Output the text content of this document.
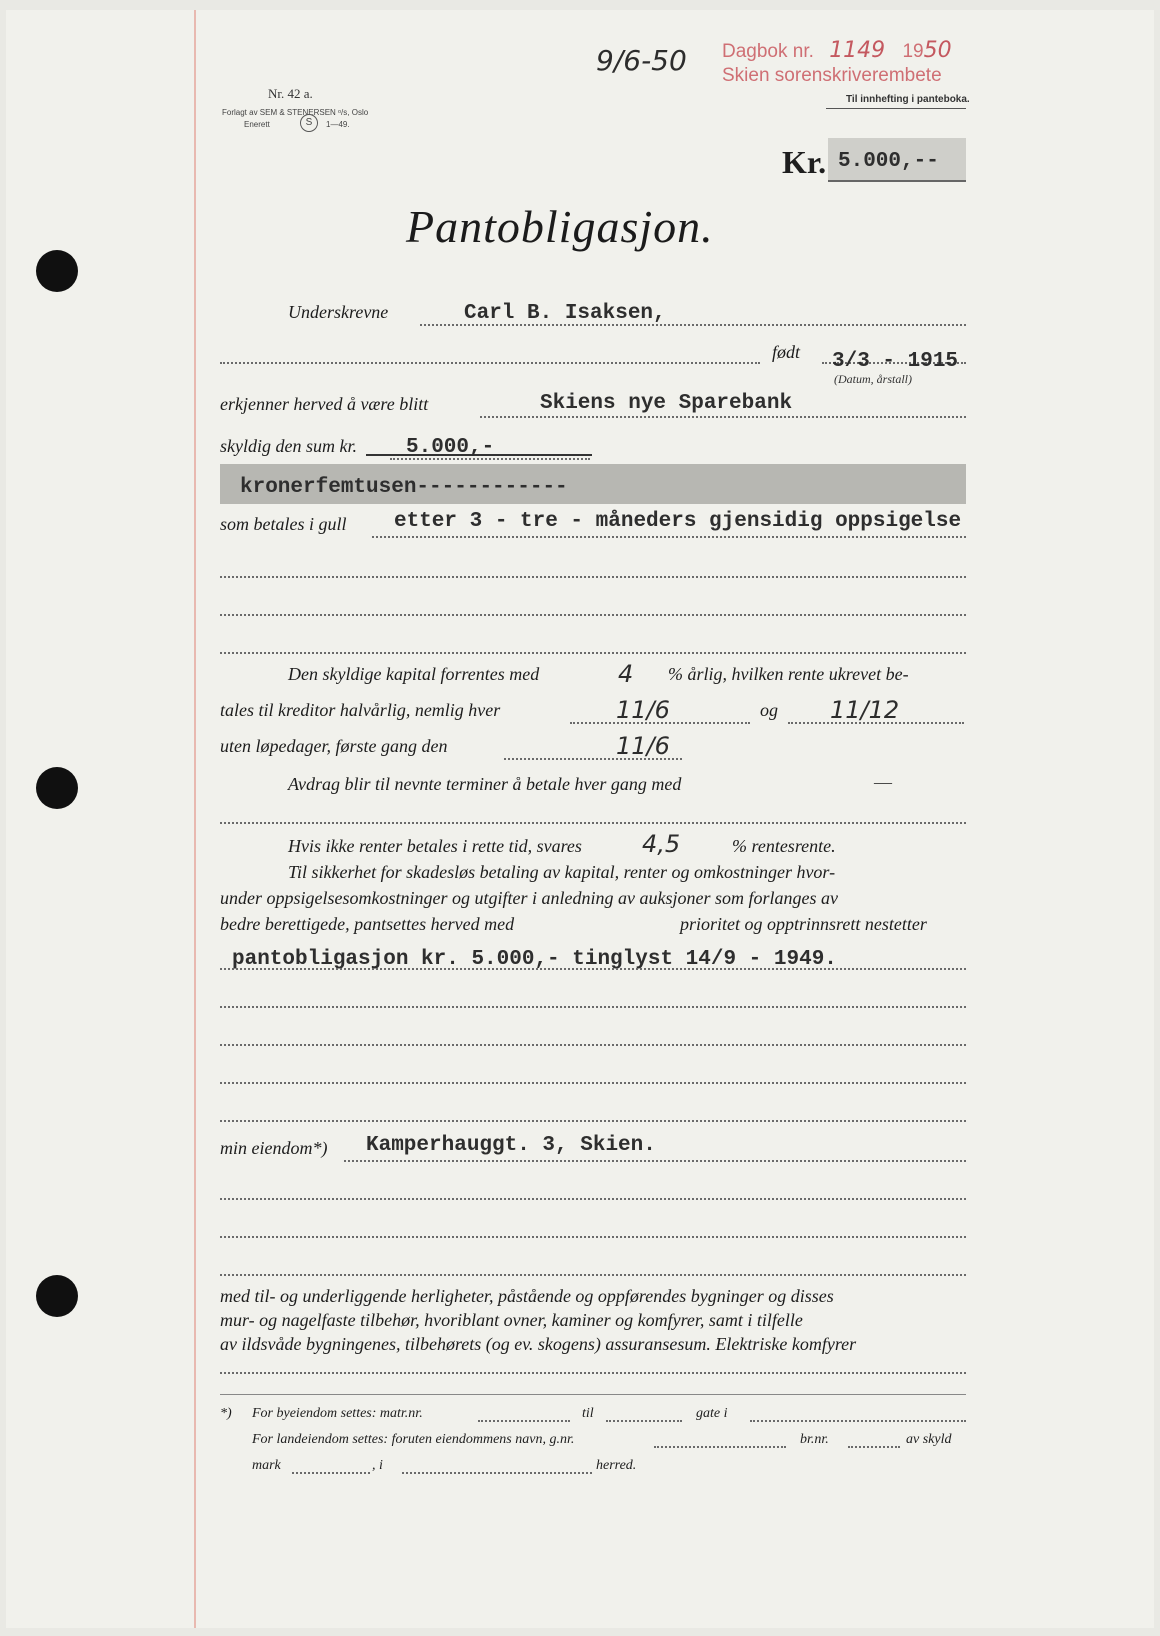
Nr. 42 a.
Forlagt av SEM & STENERSEN ᵒ/s, Oslo
Enerett	S	1—49.
9/6-50 Dagbok nr. 1149 1950
Skien sorenskriverembete
Til innhefting i panteboka.
Kr. 5.000,--
Pantobligasjon.
Underskrevne	Carl B. Isaksen,
født 3/3 - 1915
(Datum, årstall)
erkjenner herved å være blitt	Skiens nye Sparebank
skyldig den sum kr. 5.000,-
kronerfemtusen------------
som betales i gull etter 3 - tre - måneders gjensidig oppsigelse
Den skyldige kapital forrentes med	4 % årlig, hvilken rente ukrevet be-
tales til kreditor halvårlig, nemlig hver	11/6	og 11/12
uten løpedager, første gang den	11/6
Avdrag blir til nevnte terminer å betale hver gang med	—
Hvis ikke renter betales i rette tid, svares	4,5	% rentesrente.
Til sikkerhet for skadesløs betaling av kapital, renter og omkostninger hvor-
under oppsigelsesomkostninger og utgifter i anledning av auksjoner som forlanges av
bedre berettigede, pantsettes herved med	prioritet og opptrinnsrett nestetter
pantobligasjon kr. 5.000,- tinglyst 14/9 - 1949.
min eiendom*) Kamperhauggt. 3, Skien.
med til- og underliggende herligheter, påstående og oppførendes bygninger og disses
mur- og nagelfaste tilbehør, hvoriblant ovner, kaminer og komfyrer, samt i tilfelle
av ildsvåde bygningenes, tilbehørets (og ev. skogens) assuransesum. Elektriske komfyrer
*) For byeiendom settes: matr.nr.	til	gate i
For landeiendom settes: foruten eiendommens navn, g.nr.	br.nr.	av skyld
mark	, i	herred.
